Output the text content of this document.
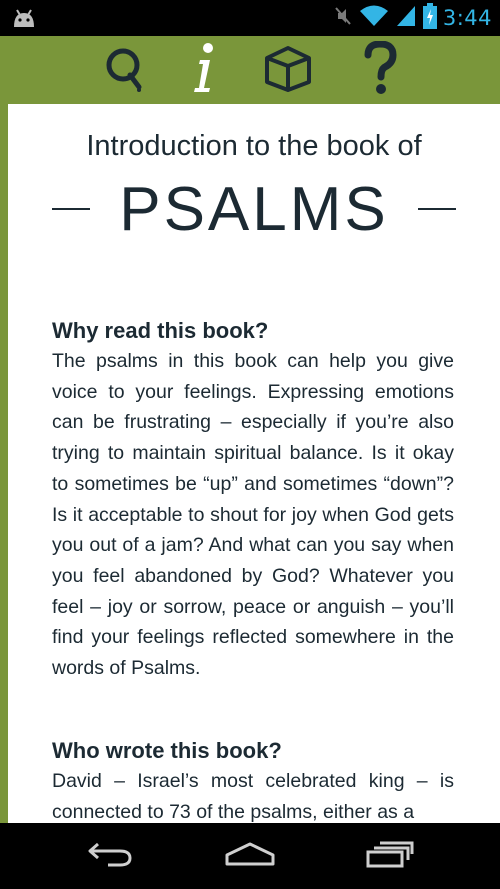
3:44
Introduction to the book of
PSALMS
Why read this book?

The psalms in this book can help you give voice to your feelings. Expressing emotions can be frustrating – especially if you’re also trying to maintain spiritual balance. Is it okay to sometimes be “up” and sometimes “down”? Is it acceptable to shout for joy when God gets you out of a jam? And what can you say when you feel abandoned by God? Whatever you feel – joy or sorrow, peace or anguish – you’ll find your feelings reflected somewhere in the words of Psalms.

Who wrote this book?

David – Israel’s most celebrated king – is connected to 73 of the psalms, either as a
